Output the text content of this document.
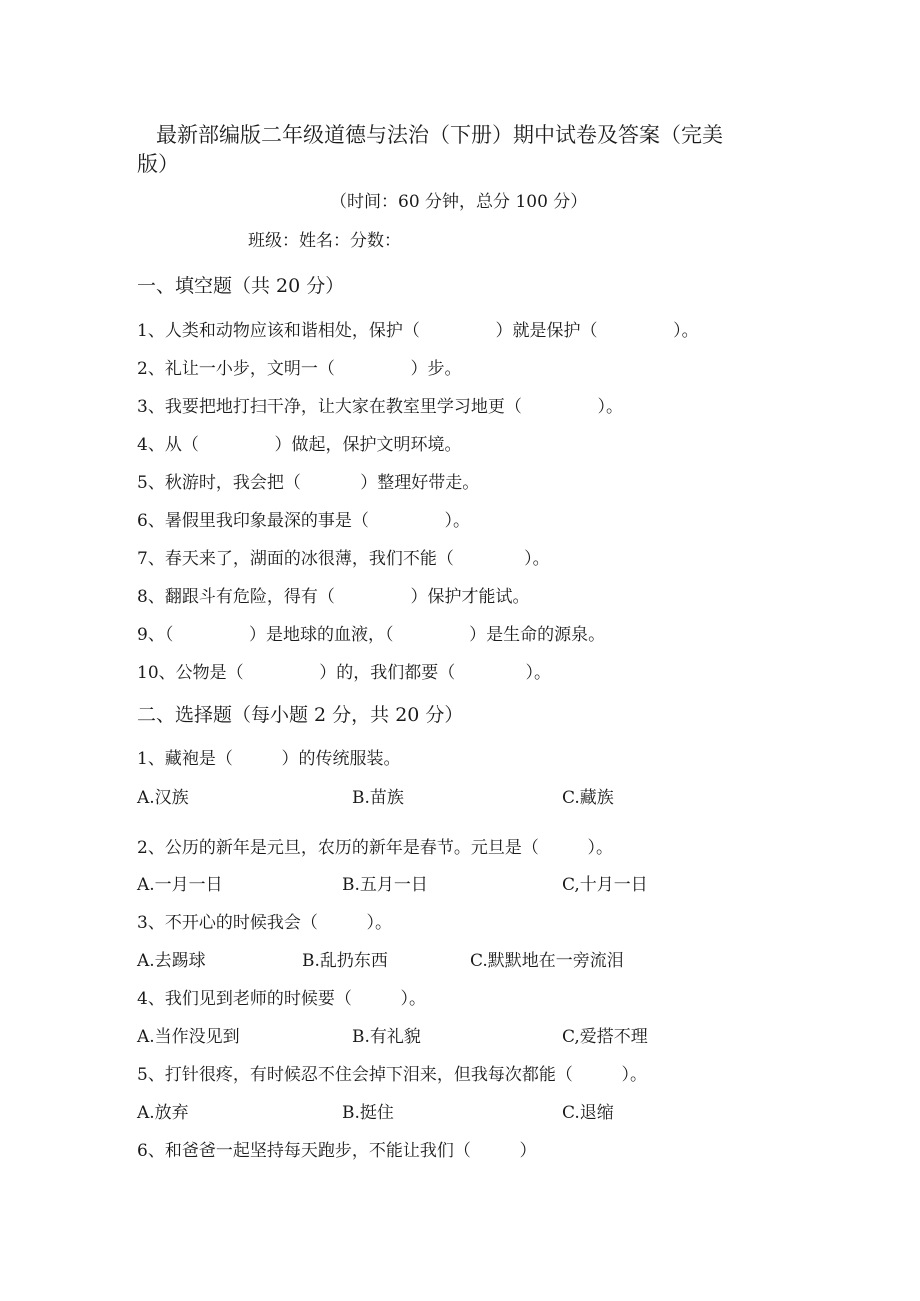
最新部编版二年级道德与法治（下册）期中试卷及答案（完美
版）
（时间：60 分钟，总分 100 分）
班级：姓名：分数：
一、填空题（共 20 分）
1、人类和动物应该和谐相处，保护（              ）就是保护（              ）。
2、礼让一小步，文明一（              ）步。
3、我要把地打扫干净，让大家在教室里学习地更（              ）。
4、从（              ）做起，保护文明环境。
5、秋游时，我会把（           ）整理好带走。
6、暑假里我印象最深的事是（              ）。
7、春天来了，湖面的冰很薄，我们不能（             ）。
8、翻跟斗有危险，得有（              ）保护才能试。
9、（              ）是地球的血液，（              ）是生命的源泉。
10、公物是（              ）的，我们都要（             ）。
二、选择题（每小题 2 分，共 20 分）
1、藏袍是（         ）的传统服装。
A.汉族	B.苗族	C.藏族
2、公历的新年是元旦，农历的新年是春节。元旦是（         ）。
A.一月一日	B.五月一日	C,十月一日
3、不开心的时候我会（         ）。
A.去踢球	B.乱扔东西	C.默默地在一旁流泪
4、我们见到老师的时候要（         ）。
A.当作没见到	B.有礼貌	C,爱搭不理
5、打针很疼，有时候忍不住会掉下泪来，但我每次都能（         ）。
A.放弃	B.挺住	C.退缩
6、和爸爸一起坚持每天跑步，不能让我们（         ）
